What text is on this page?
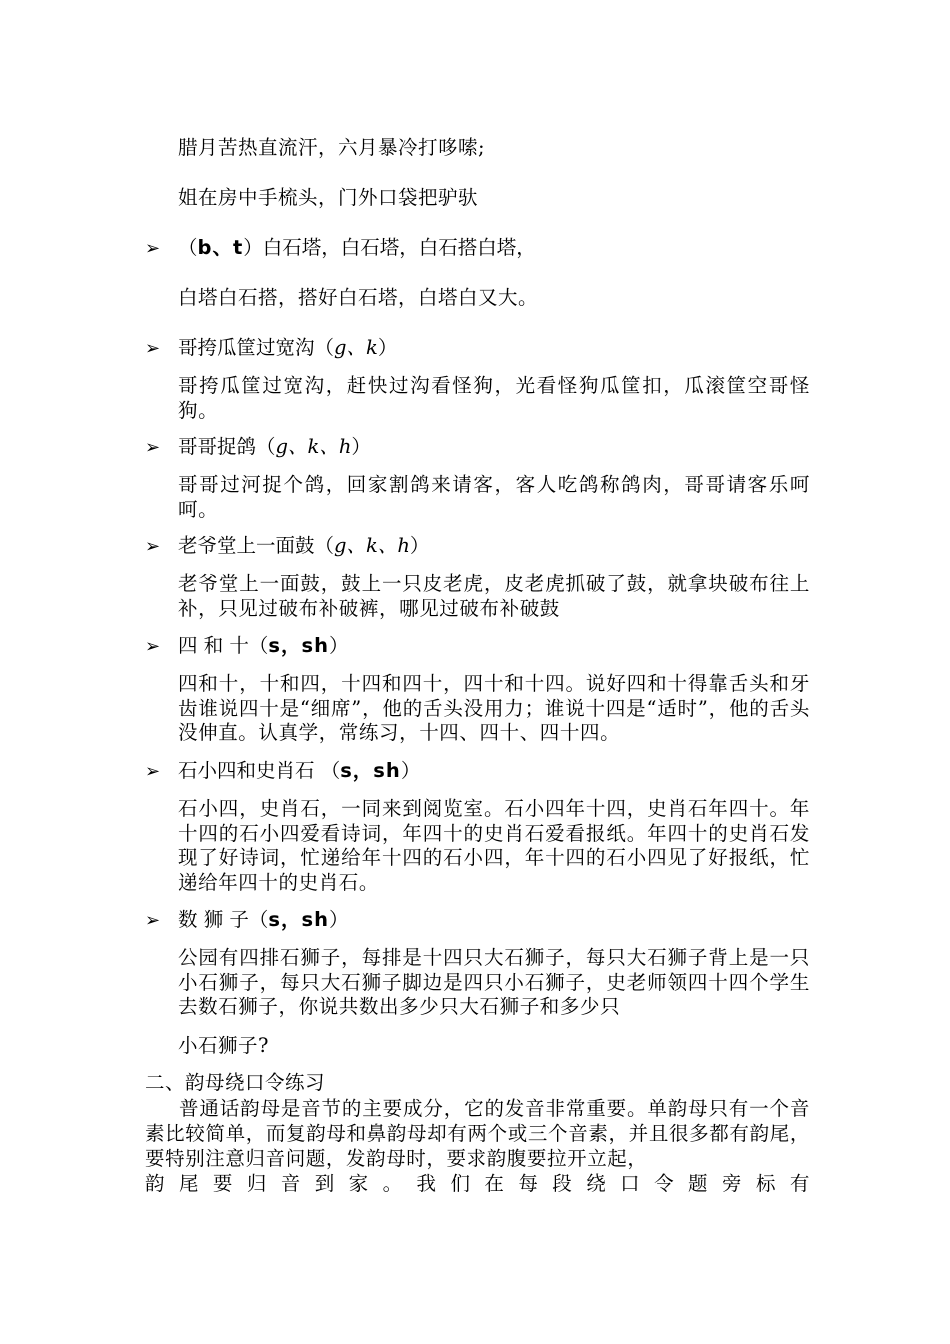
腊月苦热直流汗，六月暴冷打哆嗦;
姐在房中手梳头，门外口袋把驴驮
➢ （b、t）白石塔，白石塔，白石搭白塔，
白塔白石搭，搭好白石塔，白塔白又大。
➢ 哥挎瓜筐过宽沟（g、k）
哥挎瓜筐过宽沟，赶快过沟看怪狗，光看怪狗瓜筐扣，瓜滚筐空哥怪狗。
➢ 哥哥捉鸽（g、k、h）
哥哥过河捉个鸽，回家割鸽来请客，客人吃鸽称鸽肉，哥哥请客乐呵呵。
➢ 老爷堂上一面鼓（g、k、h）
老爷堂上一面鼓，鼓上一只皮老虎，皮老虎抓破了鼓，就拿块破布往上补，只见过破布补破裤，哪见过破布补破鼓
➢ 四 和 十（s，sh）
四和十，十和四，十四和四十，四十和十四。说好四和十得靠舌头和牙齿谁说四十是“细席”，他的舌头没用力；谁说十四是“适时”，他的舌头没伸直。认真学，常练习，十四、四十、四十四。
➢ 石小四和史肖石 （s，sh）
石小四，史肖石，一同来到阅览室。石小四年十四，史肖石年四十。年十四的石小四爱看诗词，年四十的史肖石爱看报纸。年四十的史肖石发现了好诗词，忙递给年十四的石小四，年十四的石小四见了好报纸，忙递给年四十的史肖石。
➢ 数 狮 子（s，sh）
公园有四排石狮子，每排是十四只大石狮子，每只大石狮子背上是一只小石狮子，每只大石狮子脚边是四只小石狮子，史老师领四十四个学生去数石狮子，你说共数出多少只大石狮子和多少只
小石狮子?
二、韵母绕口令练习
普通话韵母是音节的主要成分，它的发音非常重要。单韵母只有一个音素比较简单，而复韵母和鼻韵母却有两个或三个音素，并且很多都有韵尾，要特别注意归音问题，发韵母时，要求韵腹要拉开立起，
韵尾要归音到家。我们在每段绕口令题旁标有
